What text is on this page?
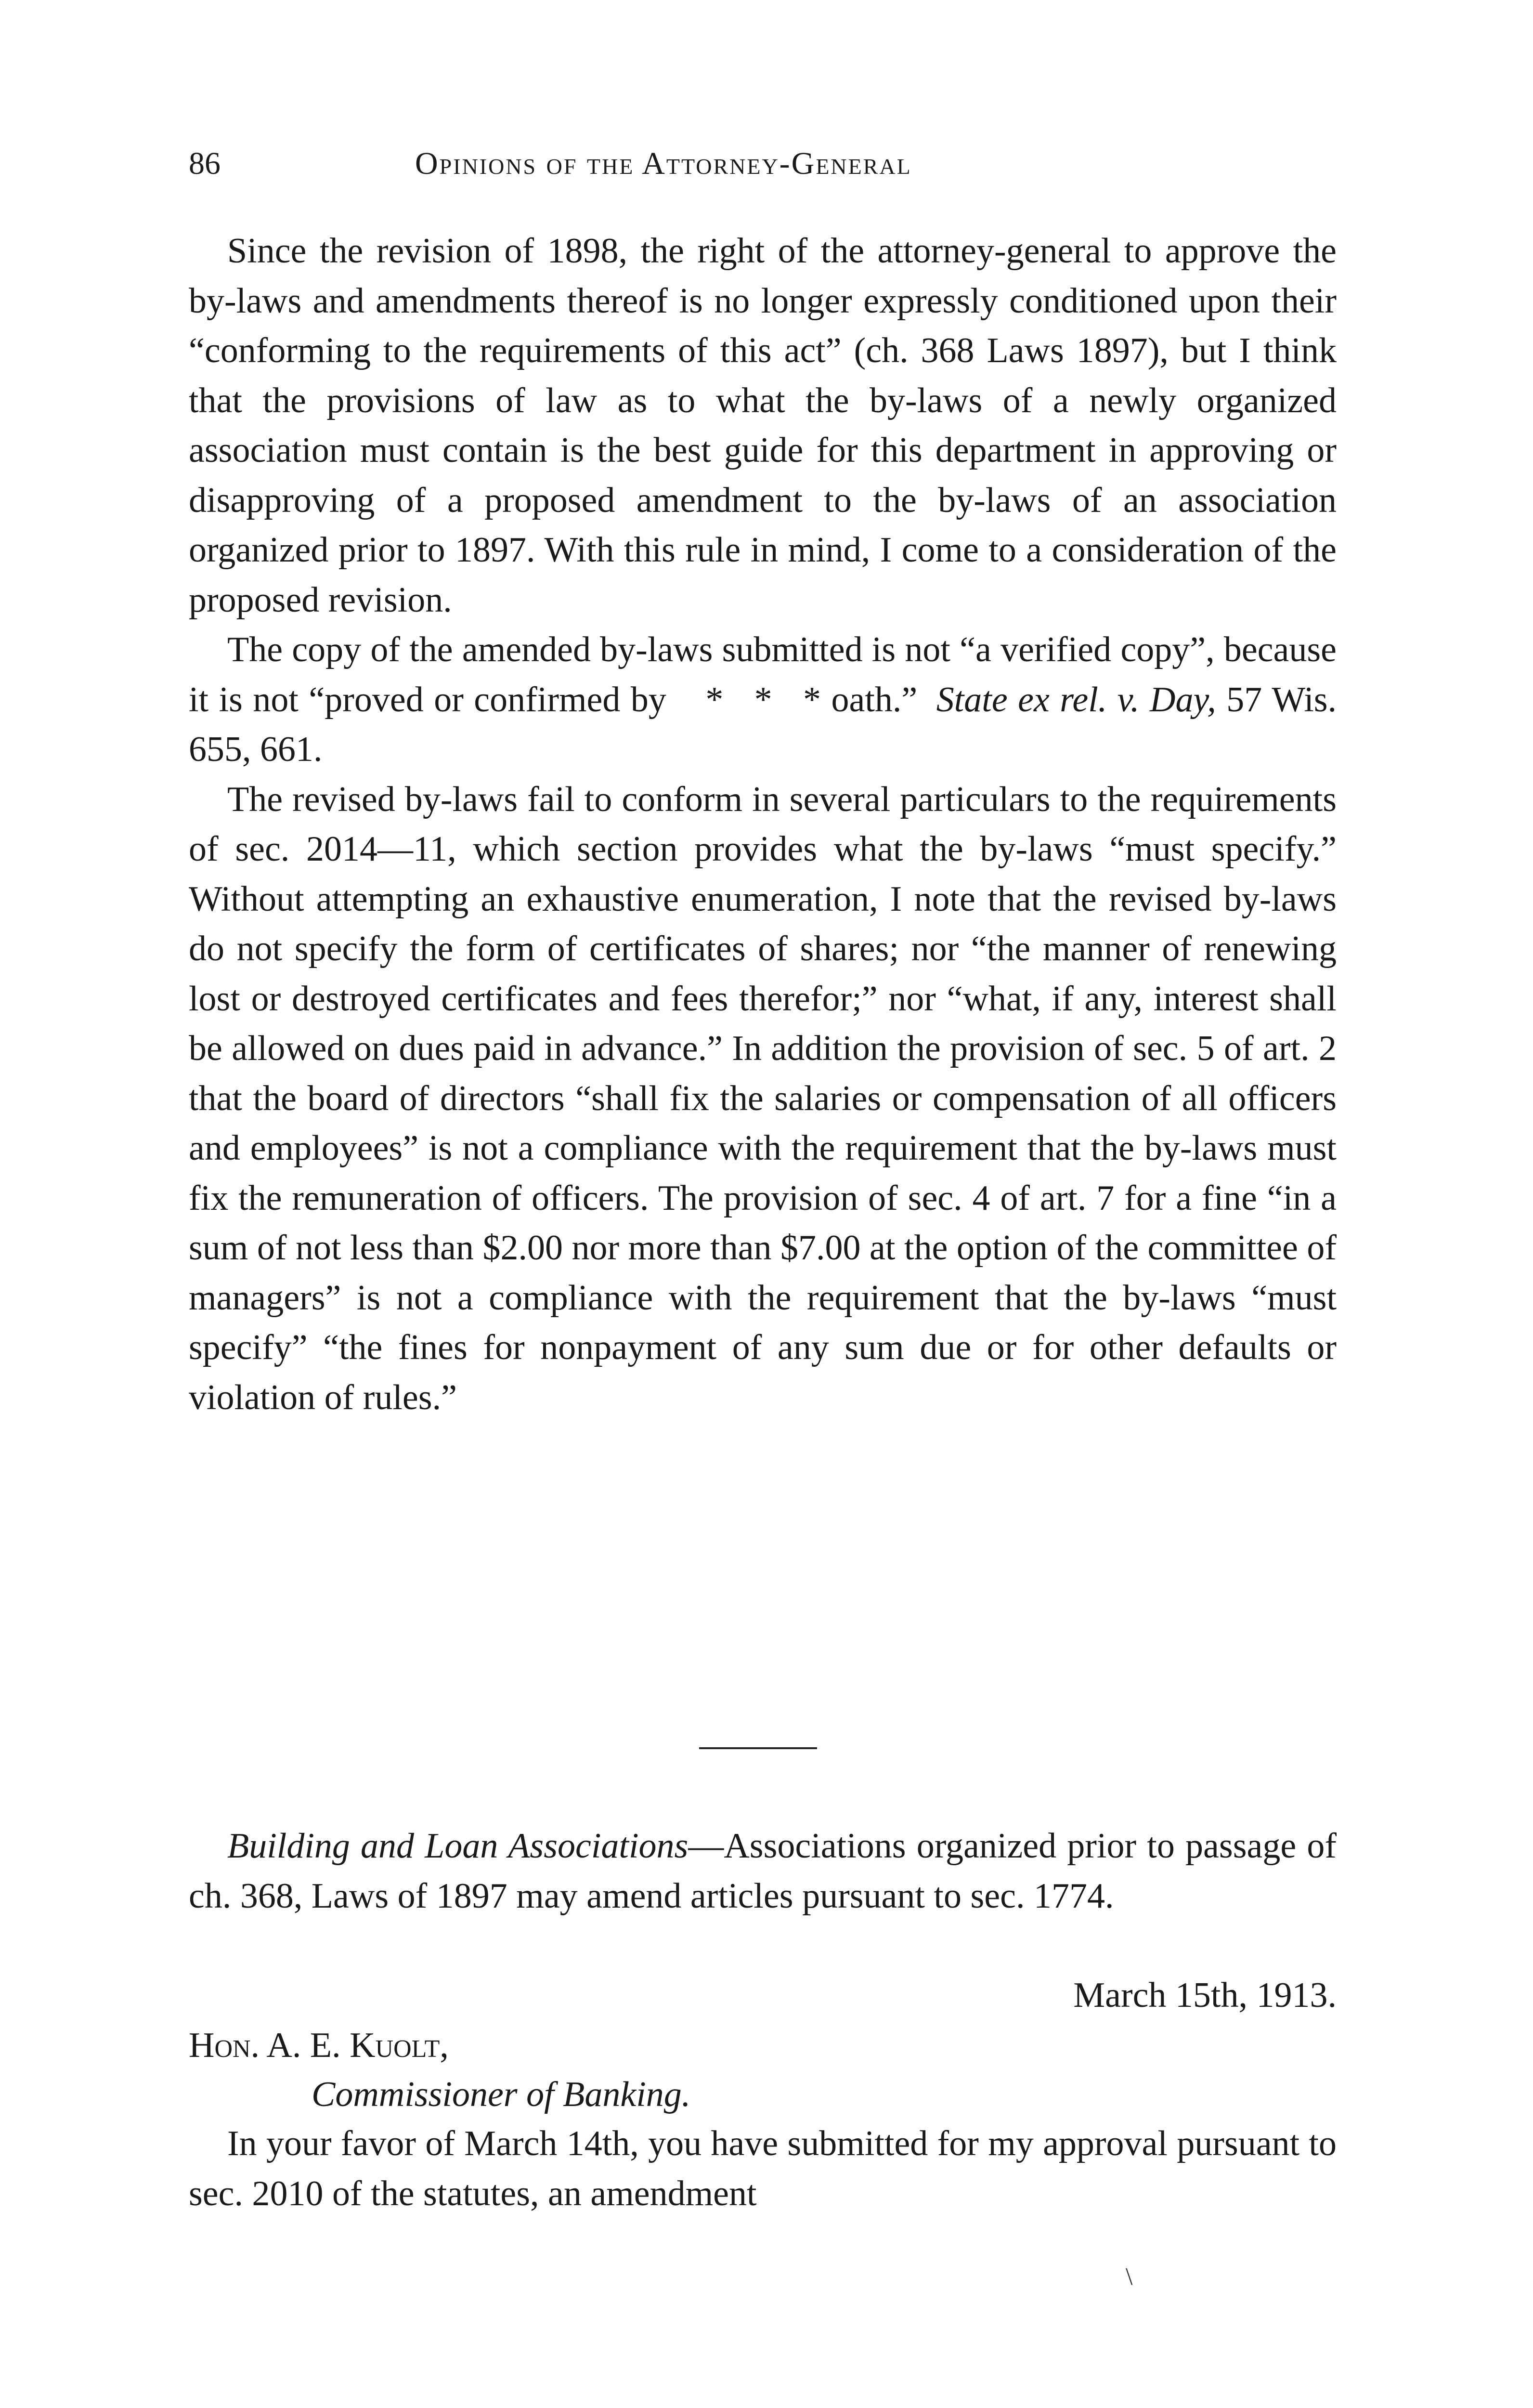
86	Opinions of the Attorney-General

Since the revision of 1898, the right of the attorney-general to approve the by-laws and amendments thereof is no longer expressly conditioned upon their “conforming to the requirements of this act” (ch. 368 Laws 1897), but I think that the provisions of law as to what the by-laws of a newly organized association must contain is the best guide for this department in approving or disapproving of a proposed amendment to the by-laws of an association organized prior to 1897. With this rule in mind, I come to a consideration of the proposed revision.

The copy of the amended by-laws submitted is not “a verified copy”, because it is not “proved or confirmed by *   *   * oath.” State ex rel. v. Day, 57 Wis. 655, 661.

The revised by-laws fail to conform in several particulars to the requirements of sec. 2014—11, which section provides what the by-laws “must specify.” Without attempting an exhaustive enumeration, I note that the revised by-laws do not specify the form of certificates of shares; nor “the manner of renewing lost or destroyed certificates and fees therefor;” nor “what, if any, interest shall be allowed on dues paid in advance.” In addition the provision of sec. 5 of art. 2 that the board of directors “shall fix the salaries or compensation of all officers and employees” is not a compliance with the requirement that the by-laws must fix the remuneration of officers. The provision of sec. 4 of art. 7 for a fine “in a sum of not less than $2.00 nor more than $7.00 at the option of the committee of managers” is not a compliance with the requirement that the by-laws “must specify” “the fines for nonpayment of any sum due or for other defaults or violation of rules.”

Building and Loan Associations—Associations organized prior to passage of ch. 368, Laws of 1897 may amend articles pursuant to sec. 1774.

March 15th, 1913.
Hon. A. E. Kuolt,
Commissioner of Banking.

In your favor of March 14th, you have submitted for my approval pursuant to sec. 2010 of the statutes, an amendment

\
